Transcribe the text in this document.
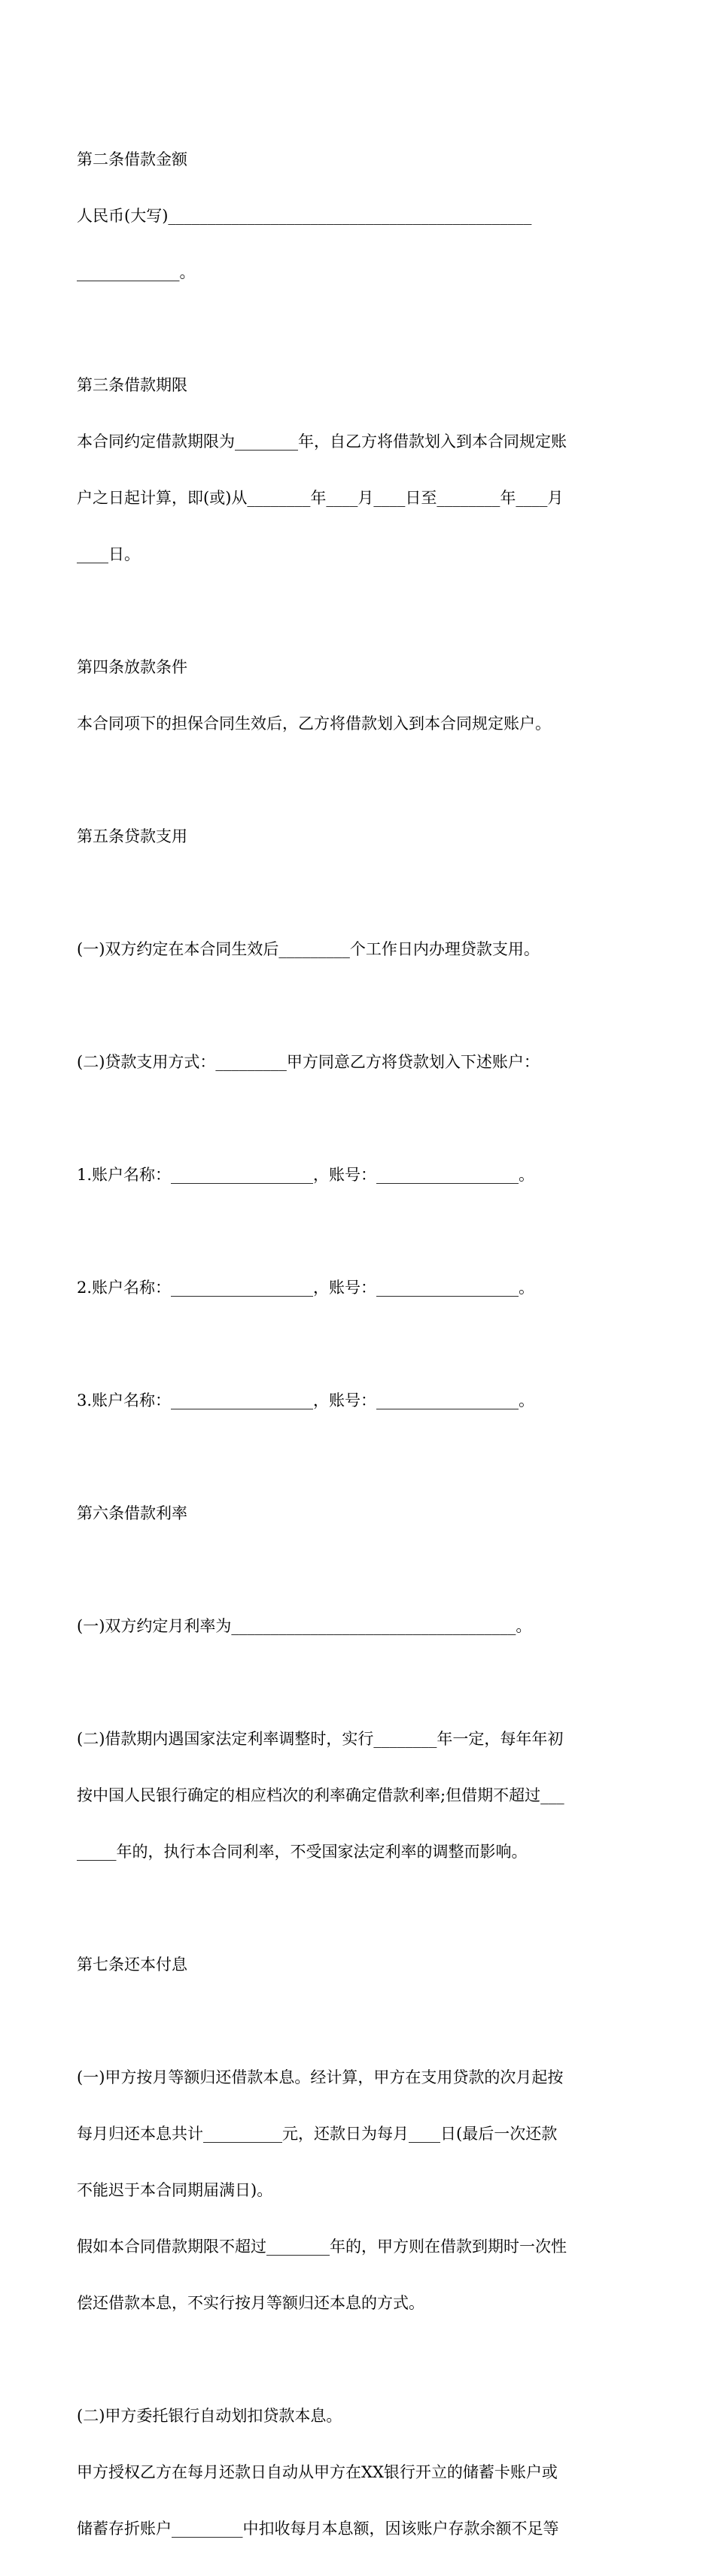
第二条借款金额

人民币(大写)______________________________________________

_____________。

第三条借款期限

本合同约定借款期限为________年，自乙方将借款划入到本合同规定账

户之日起计算，即(或)从________年____月____日至________年____月

____日。

第四条放款条件

本合同项下的担保合同生效后，乙方将借款划入到本合同规定账户。

第五条贷款支用

(一)双方约定在本合同生效后_________个工作日内办理贷款支用。

(二)贷款支用方式：_________甲方同意乙方将贷款划入下述账户：

1.账户名称：__________________，账号：__________________。

2.账户名称：__________________，账号：__________________。

3.账户名称：__________________，账号：__________________。

第六条借款利率

(一)双方约定月利率为____________________________________。

(二)借款期内遇国家法定利率调整时，实行________年一定，每年年初

按中国人民银行确定的相应档次的利率确定借款利率;但借期不超过___

_____年的，执行本合同利率，不受国家法定利率的调整而影响。

第七条还本付息

(一)甲方按月等额归还借款本息。经计算，甲方在支用贷款的次月起按

每月归还本息共计__________元，还款日为每月____日(最后一次还款

不能迟于本合同期届满日)。

假如本合同借款期限不超过________年的，甲方则在借款到期时一次性

偿还借款本息，不实行按月等额归还本息的方式。

(二)甲方委托银行自动划扣贷款本息。

甲方授权乙方在每月还款日自动从甲方在XX银行开立的储蓄卡账户或

储蓄存折账户_________中扣收每月本息额，因该账户存款余额不足等
